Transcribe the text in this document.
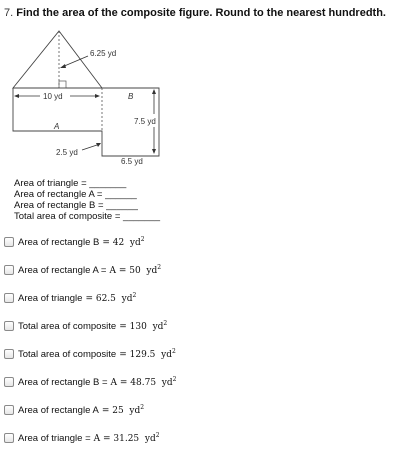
7. Find the area of the composite figure. Round to the nearest hundredth.
6.25 yd
10 yd	B
A
7.5 yd
2.5 yd
6.5 yd
Area of triangle = _______
Area of rectangle A = ______
Area of rectangle B = ______
Total area of composite = _______
Area of rectangle B = 42 $yd^2$
Area of rectangle A = A = 50 $yd^2$
Area of triangle = 62.5 $yd^2$
Total area of composite = 130 $yd^2$
Total area of composite = 129.5 $yd^2$
Area of rectangle B = A = 48.75 $yd^2$
Area of rectangle A = 25 $yd^2$
Area of triangle = A = 31.25 $yd^2$
